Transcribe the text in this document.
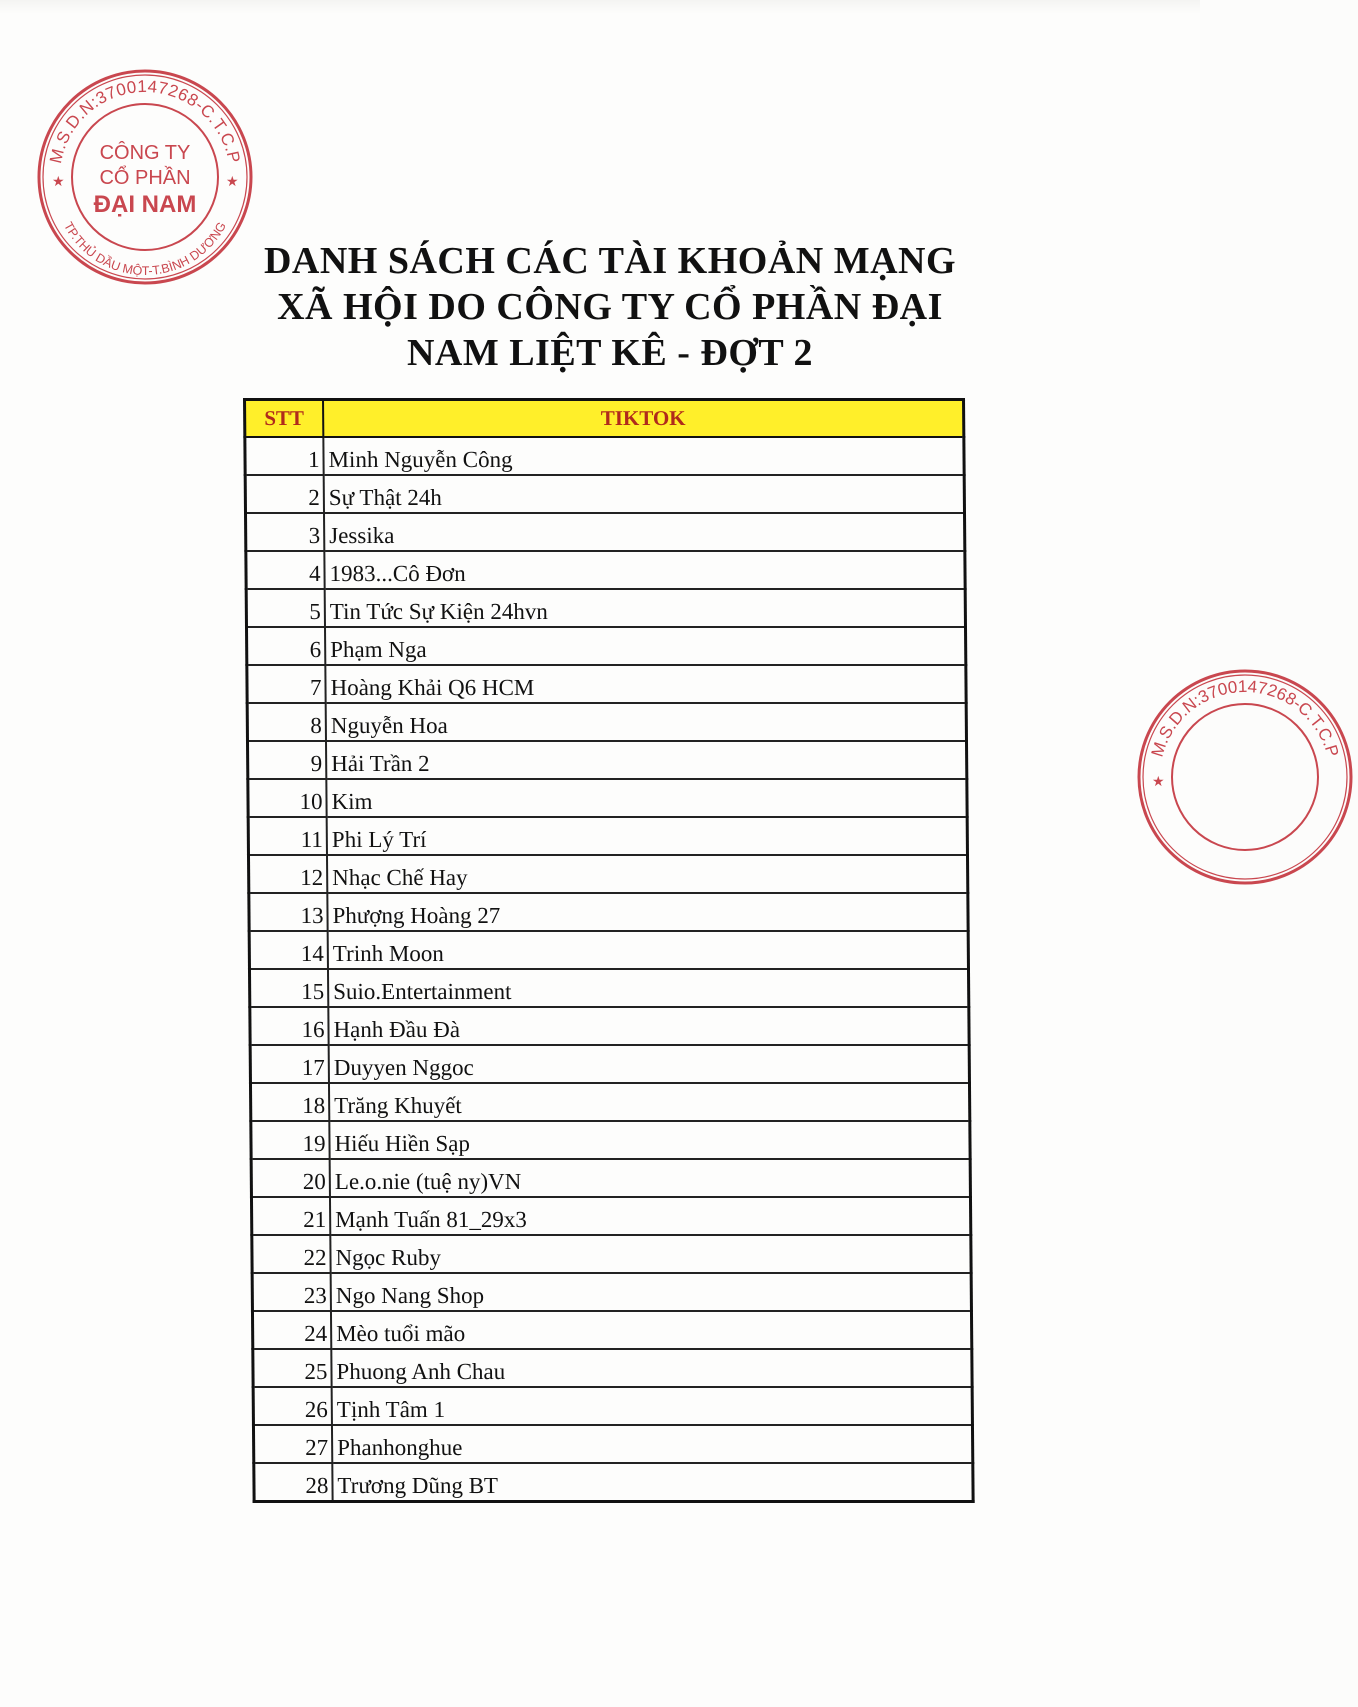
M.S.D.N:3700147268-C.T.C.P
TP.THỦ DẦU MỘT-T.BÌNH DƯƠNG
★	★
CÔNG TY
CỔ PHẦN
ĐẠI NAM
M.S.D.N:3700147268-C.T.C.P
★
DANH SÁCH CÁC TÀI KHOẢN MẠNG
XÃ HỘI DO CÔNG TY CỔ PHẦN ĐẠI
NAM LIỆT KÊ - ĐỢT 2
STT	TIKTOK
1	Minh Nguyễn Công
2	Sự Thật 24h
3	Jessika
4	1983...Cô Đơn
5	Tin Tức Sự Kiện 24hvn
6	Phạm Nga
7	Hoàng Khải Q6 HCM
8	Nguyễn Hoa
9	Hải Trần 2
10	Kim
11	Phi Lý Trí
12	Nhạc Chế Hay
13	Phượng Hoàng 27
14	Trinh Moon
15	Suio.Entertainment
16	Hạnh Đầu Đà
17	Duyyen Nggoc
18	Trăng Khuyết
19	Hiếu Hiền Sạp
20	Le.o.nie (tuệ ny)VN
21	Mạnh Tuấn 81_29x3
22	Ngọc Ruby
23	Ngo Nang Shop
24	Mèo tuổi mão
25	Phuong Anh Chau
26	Tịnh Tâm 1
27	Phanhonghue
28	Trương Dũng BT
